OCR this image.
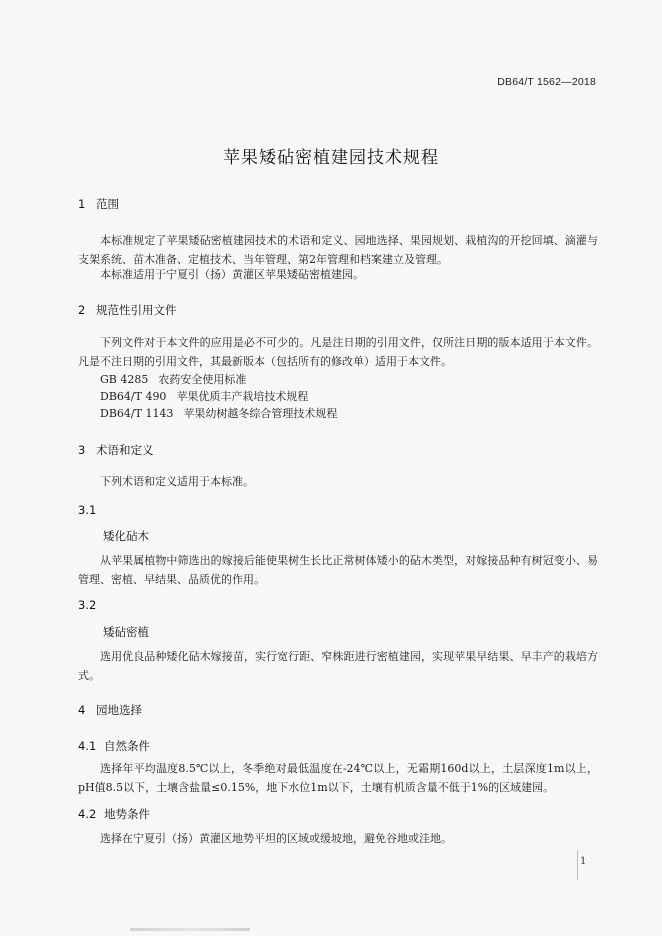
DB64/T 1562—2018
苹果矮砧密植建园技术规程
1 范围
本标准规定了苹果矮砧密植建园技术的术语和定义、园地选择、果园规划、栽植沟的开挖回填、滴灌与支架系统、苗木准备、定植技术、当年管理、第2年管理和档案建立及管理。
本标准适用于宁夏引（扬）黄灌区苹果矮砧密植建园。
2 规范性引用文件
下列文件对于本文件的应用是必不可少的。凡是注日期的引用文件，仅所注日期的版本适用于本文件。凡是不注日期的引用文件，其最新版本（包括所有的修改单）适用于本文件。
GB 4285 农药安全使用标准
DB64/T 490 苹果优质丰产栽培技术规程
DB64/T 1143 苹果幼树越冬综合管理技术规程
3 术语和定义
下列术语和定义适用于本标准。
3.1
矮化砧木
从苹果属植物中筛选出的嫁接后能使果树生长比正常树体矮小的砧木类型，对嫁接品种有树冠变小、易管理、密植、早结果、品质优的作用。
3.2
矮砧密植
选用优良品种矮化砧木嫁接苗，实行宽行距、窄株距进行密植建园，实现苹果早结果、早丰产的栽培方式。
4 园地选择
4.1 自然条件
选择年平均温度8.5℃以上，冬季绝对最低温度在-24℃以上，无霜期160d以上，土层深度1m以上，pH值8.5以下，土壤含盐量≤0.15%，地下水位1m以下，土壤有机质含量不低于1%的区域建园。
4.2 地势条件
选择在宁夏引（扬）黄灌区地势平坦的区域或缓坡地，避免谷地或洼地。
1
